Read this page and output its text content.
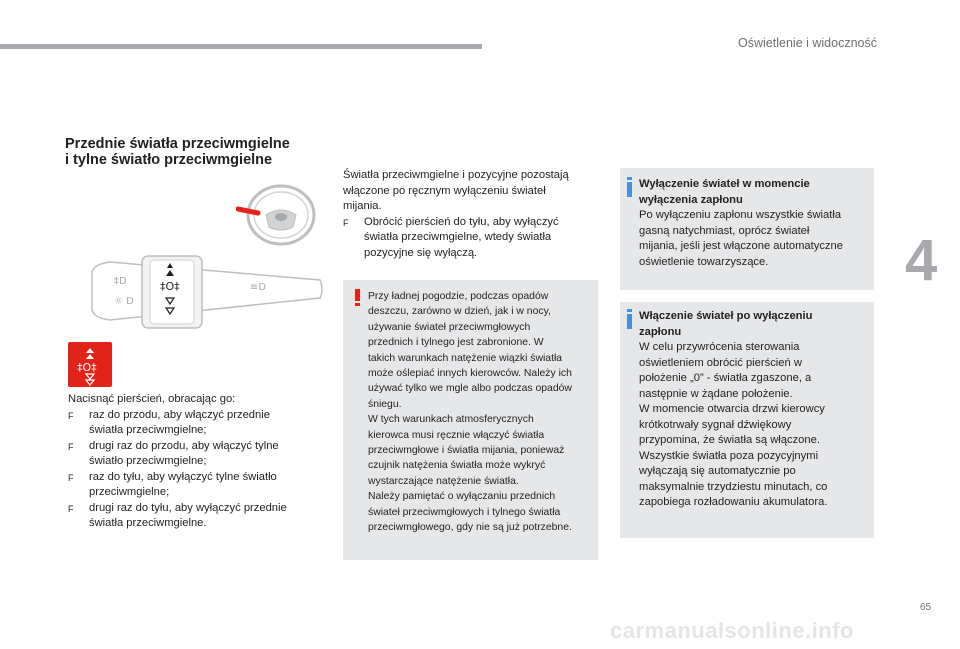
Oświetlenie i widoczność
4
Przednie światła przeciwmgielne
i tylne światło przeciwmgielne
‡O‡
‡D
☼ D
≡D
‡O‡
Nacisnąć pierścień, obracając go:
F	raz do przodu, aby włączyć przednie
światła przeciwmgielne;
F	drugi raz do przodu, aby włączyć tylne
światło przeciwmgielne;
F	raz do tyłu, aby wyłączyć tylne światło
przeciwmgielne;
F	drugi raz do tyłu, aby wyłączyć przednie
światła przeciwmgielne.
Światła przeciwmgielne i pozycyjne pozostają
włączone po ręcznym wyłączeniu świateł
mijania.
F	Obrócić pierścień do tyłu, aby wyłączyć
światła przeciwmgielne, wtedy światła
pozycyjne się wyłączą.
Przy ładnej pogodzie, podczas opadów
deszczu, zarówno w dzień, jak i w nocy,
używanie świateł przeciwmgłowych
przednich i tylnego jest zabronione. W
takich warunkach natężenie wiązki światła
może oślepiać innych kierowców. Należy ich
używać tylko we mgle albo podczas opadów
śniegu.
W tych warunkach atmosferycznych
kierowca musi ręcznie włączyć światła
przeciwmgłowe i światła mijania, ponieważ
czujnik natężenia światła może wykryć
wystarczające natężenie światła.
Należy pamiętać o wyłączaniu przednich
świateł przeciwmgłowych i tylnego światła
przeciwmgłowego, gdy nie są już potrzebne.
Wyłączenie świateł w momencie
wyłączenia zapłonu
Po wyłączeniu zapłonu wszystkie światła
gasną natychmiast, oprócz świateł
mijania, jeśli jest włączone automatyczne
oświetlenie towarzyszące.
Włączenie świateł po wyłączeniu
zapłonu
W celu przywrócenia sterowania
oświetleniem obrócić pierścień w
położenie „0” - światła zgaszone, a
następnie w żądane położenie.
W momencie otwarcia drzwi kierowcy
krótkotrwały sygnał dźwiękowy
przypomina, że światła są włączone.
Wszystkie światła poza pozycyjnymi
wyłączają się automatycznie po
maksymalnie trzydziestu minutach, co
zapobiega rozładowaniu akumulatora.
65
carmanualsonline.info
